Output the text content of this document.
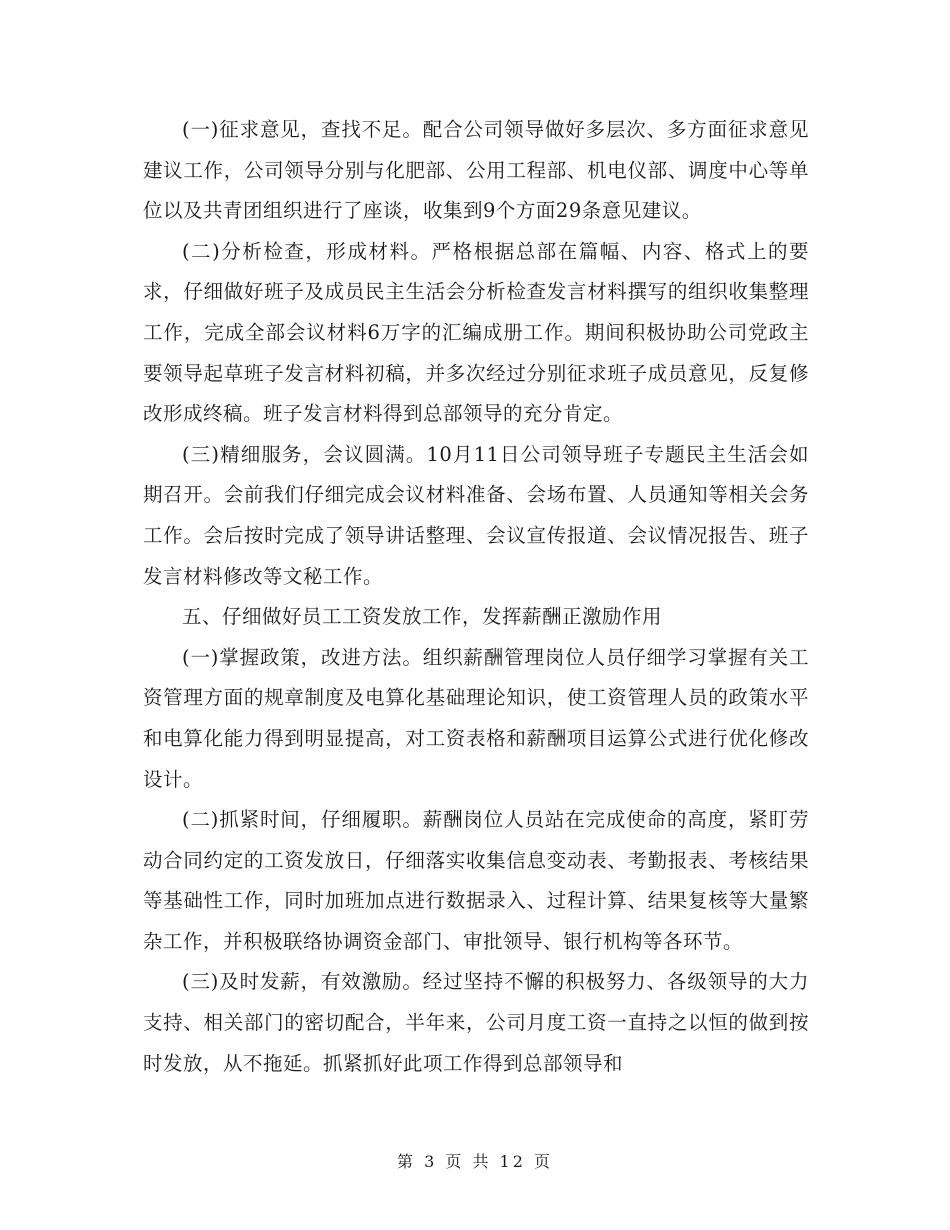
(一)征求意见，查找不足。配合公司领导做好多层次、多方面征求意见建议工作，公司领导分别与化肥部、公用工程部、机电仪部、调度中心等单位以及共青团组织进行了座谈，收集到9个方面29条意见建议。

(二)分析检查，形成材料。严格根据总部在篇幅、内容、格式上的要求，仔细做好班子及成员民主生活会分析检查发言材料撰写的组织收集整理工作，完成全部会议材料6万字的汇编成册工作。期间积极协助公司党政主要领导起草班子发言材料初稿，并多次经过分别征求班子成员意见，反复修改形成终稿。班子发言材料得到总部领导的充分肯定。

(三)精细服务，会议圆满。10月11日公司领导班子专题民主生活会如期召开。会前我们仔细完成会议材料准备、会场布置、人员通知等相关会务工作。会后按时完成了领导讲话整理、会议宣传报道、会议情况报告、班子发言材料修改等文秘工作。

五、仔细做好员工工资发放工作，发挥薪酬正激励作用

(一)掌握政策，改进方法。组织薪酬管理岗位人员仔细学习掌握有关工资管理方面的规章制度及电算化基础理论知识，使工资管理人员的政策水平和电算化能力得到明显提高，对工资表格和薪酬项目运算公式进行优化修改设计。

(二)抓紧时间，仔细履职。薪酬岗位人员站在完成使命的高度，紧盯劳动合同约定的工资发放日，仔细落实收集信息变动表、考勤报表、考核结果等基础性工作，同时加班加点进行数据录入、过程计算、结果复核等大量繁杂工作，并积极联络协调资金部门、审批领导、银行机构等各环节。

(三)及时发薪，有效激励。经过坚持不懈的积极努力、各级领导的大力支持、相关部门的密切配合，半年来，公司月度工资一直持之以恒的做到按时发放，从不拖延。抓紧抓好此项工作得到总部领导和

第 3 页 共 12 页
